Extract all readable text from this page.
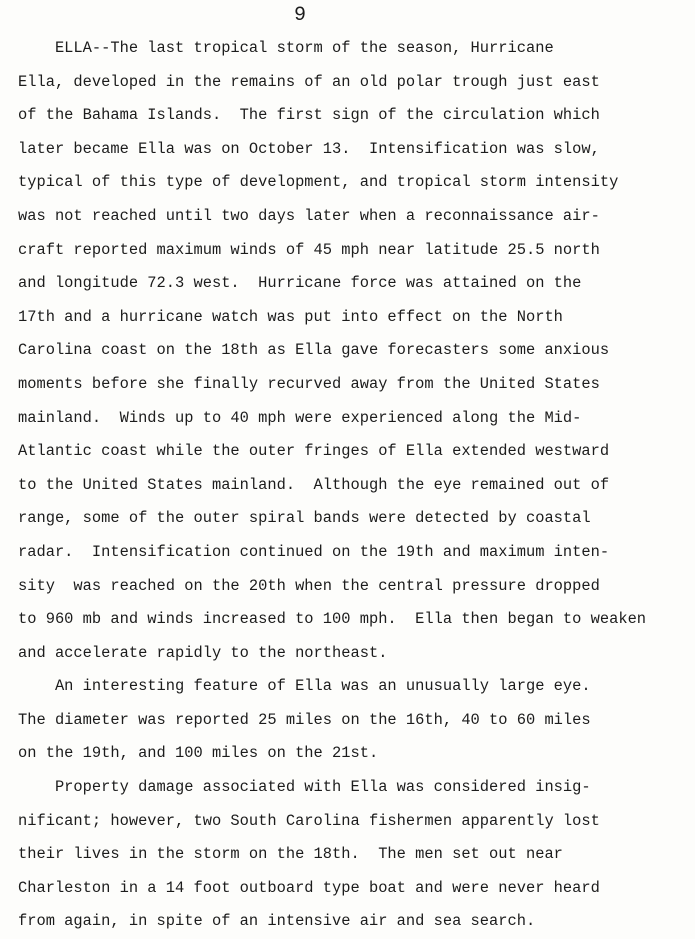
9
ELLA--The last tropical storm of the season, Hurricane
Ella, developed in the remains of an old polar trough just east
of the Bahama Islands.  The first sign of the circulation which
later became Ella was on October 13.  Intensification was slow,
typical of this type of development, and tropical storm intensity
was not reached until two days later when a reconnaissance air-
craft reported maximum winds of 45 mph near latitude 25.5 north
and longitude 72.3 west.  Hurricane force was attained on the
17th and a hurricane watch was put into effect on the North
Carolina coast on the 18th as Ella gave forecasters some anxious
moments before she finally recurved away from the United States
mainland.  Winds up to 40 mph were experienced along the Mid-
Atlantic coast while the outer fringes of Ella extended westward
to the United States mainland.  Although the eye remained out of
range, some of the outer spiral bands were detected by coastal
radar.  Intensification continued on the 19th and maximum inten-
sity  was reached on the 20th when the central pressure dropped
to 960 mb and winds increased to 100 mph.  Ella then began to weaken
and accelerate rapidly to the northeast.
An interesting feature of Ella was an unusually large eye.
The diameter was reported 25 miles on the 16th, 40 to 60 miles
on the 19th, and 100 miles on the 21st.
Property damage associated with Ella was considered insig-
nificant; however, two South Carolina fishermen apparently lost
their lives in the storm on the 18th.  The men set out near
Charleston in a 14 foot outboard type boat and were never heard
from again, in spite of an intensive air and sea search.
